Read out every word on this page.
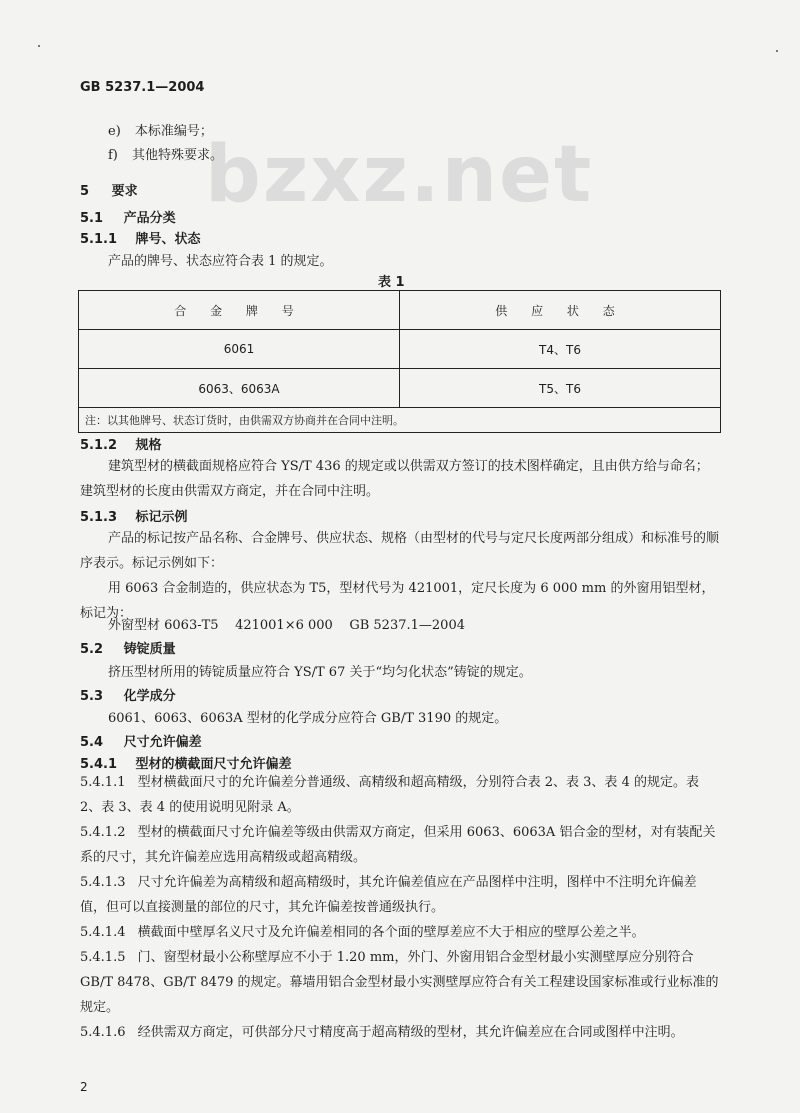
GB 5237.1—2004
bzxz.net
e) 本标准编号；
f) 其他特殊要求。
5 要求
5.1 产品分类
5.1.1 牌号、状态
产品的牌号、状态应符合表 1 的规定。
表 1
合 金 牌 号	供 应 状 态
6061	T4、T6
6063、6063A	T5、T6
注：以其他牌号、状态订货时，由供需双方协商并在合同中注明。	
5.1.2 规格
建筑型材的横截面规格应符合 YS/T 436 的规定或以供需双方签订的技术图样确定，且由供方给与命名；建筑型材的长度由供需双方商定，并在合同中注明。
5.1.3 标记示例
产品的标记按产品名称、合金牌号、供应状态、规格（由型材的代号与定尺长度两部分组成）和标准号的顺序表示。标记示例如下：
用 6063 合金制造的，供应状态为 T5，型材代号为 421001，定尺长度为 6 000 mm 的外窗用铝型材，标记为：
外窗型材 6063-T5    421001×6 000    GB 5237.1—2004
5.2 铸锭质量
挤压型材所用的铸锭质量应符合 YS/T 67 关于“均匀化状态”铸锭的规定。
5.3 化学成分
6061、6063、6063A 型材的化学成分应符合 GB/T 3190 的规定。
5.4 尺寸允许偏差
5.4.1 型材的横截面尺寸允许偏差
5.4.1.1 型材横截面尺寸的允许偏差分普通级、高精级和超高精级，分别符合表 2、表 3、表 4 的规定。表 2、表 3、表 4 的使用说明见附录 A。
5.4.1.2 型材的横截面尺寸允许偏差等级由供需双方商定，但采用 6063、6063A 铝合金的型材，对有装配关系的尺寸，其允许偏差应选用高精级或超高精级。
5.4.1.3 尺寸允许偏差为高精级和超高精级时，其允许偏差值应在产品图样中注明，图样中不注明允许偏差值，但可以直接测量的部位的尺寸，其允许偏差按普通级执行。
5.4.1.4 横截面中壁厚名义尺寸及允许偏差相同的各个面的壁厚差应不大于相应的壁厚公差之半。
5.4.1.5 门、窗型材最小公称壁厚应不小于 1.20 mm，外门、外窗用铝合金型材最小实测壁厚应分别符合 GB/T 8478、GB/T 8479 的规定。幕墙用铝合金型材最小实测壁厚应符合有关工程建设国家标准或行业标准的规定。
5.4.1.6 经供需双方商定，可供部分尺寸精度高于超高精级的型材，其允许偏差应在合同或图样中注明。
2
